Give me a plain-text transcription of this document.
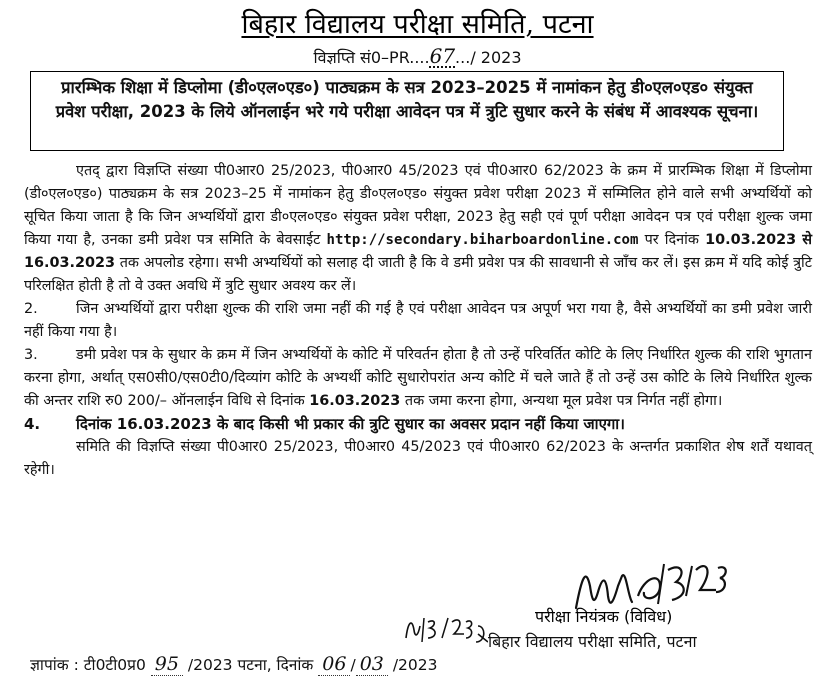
बिहार विद्यालय परीक्षा समिति, पटना
विज्ञप्ति सं0–PR....67.../ 2023
प्रारम्भिक शिक्षा में डिप्लोमा (डी०एल०एड०) पाठ्यक्रम के सत्र 2023–2025 में नामांकन हेतु डी०एल०एड० संयुक्त प्रवेश परीक्षा, 2023 के लिये ऑनलाईन भरे गये परीक्षा आवेदन पत्र में त्रुटि सुधार करने के संबंध में आवश्यक सूचना।

एतद् द्वारा विज्ञप्ति संख्या पी0आर0 25/2023, पी0आर0 45/2023 एवं पी0आर0 62/2023 के क्रम में प्रारम्भिक शिक्षा में डिप्लोमा (डी०एल०एड०) पाठ्यक्रम के सत्र 2023–25 में नामांकन हेतु डी०एल०एड० संयुक्त प्रवेश परीक्षा 2023 में सम्मिलित होने वाले सभी अभ्यर्थियों को सूचित किया जाता है कि जिन अभ्यर्थियों द्वारा डी०एल०एड० संयुक्त प्रवेश परीक्षा, 2023 हेतु सही एवं पूर्ण परीक्षा आवेदन पत्र एवं परीक्षा शुल्क जमा किया गया है, उनका डमी प्रवेश पत्र समिति के बेवसाईट http://secondary.biharboardonline.com पर दिनांक 10.03.2023 से 16.03.2023 तक अपलोड रहेगा। सभी अभ्यर्थियों को सलाह दी जाती है कि वे डमी प्रवेश पत्र की सावधानी से जाँच कर लें। इस क्रम में यदि कोई त्रुटि परिलक्षित होती है तो वे उक्त अवधि में त्रुटि सुधार अवश्य कर लें।

2.	जिन अभ्यर्थियों द्वारा परीक्षा शुल्क की राशि जमा नहीं की गई है एवं परीक्षा आवेदन पत्र अपूर्ण भरा गया है, वैसे अभ्यर्थियों का डमी प्रवेश जारी नहीं किया गया है।

3.	डमी प्रवेश पत्र के सुधार के क्रम में जिन अभ्यर्थियों के कोटि में परिवर्तन होता है तो उन्हें परिवर्तित कोटि के लिए निर्धारित शुल्क की राशि भुगतान करना होगा, अर्थात् एस0सी0/एस0टी0/दिव्यांग कोटि के अभ्यर्थी कोटि सुधारोपरांत अन्य कोटि में चले जाते हैं तो उन्हें उस कोटि के लिये निर्धारित शुल्क की अन्तर राशि रु0 200/– ऑनलाईन विधि से दिनांक 16.03.2023 तक जमा करना होगा, अन्यथा मूल प्रवेश पत्र निर्गत नहीं होगा।

4. दिनांक 16.03.2023 के बाद किसी भी प्रकार की त्रुटि सुधार का अवसर प्रदान नहीं किया जाएगा।

समिति की विज्ञप्ति संख्या पी0आर0 25/2023, पी0आर0 45/2023 एवं पी0आर0 62/2023 के अन्तर्गत प्रकाशित शेष शर्तें यथावत् रहेगी।

परीक्षा नियंत्रक (विविध)
बिहार विद्यालय परीक्षा समिति, पटना
ज्ञापांक : टी0टी0प्र0 95 /2023 पटना, दिनांक 06 / 03 /2023
